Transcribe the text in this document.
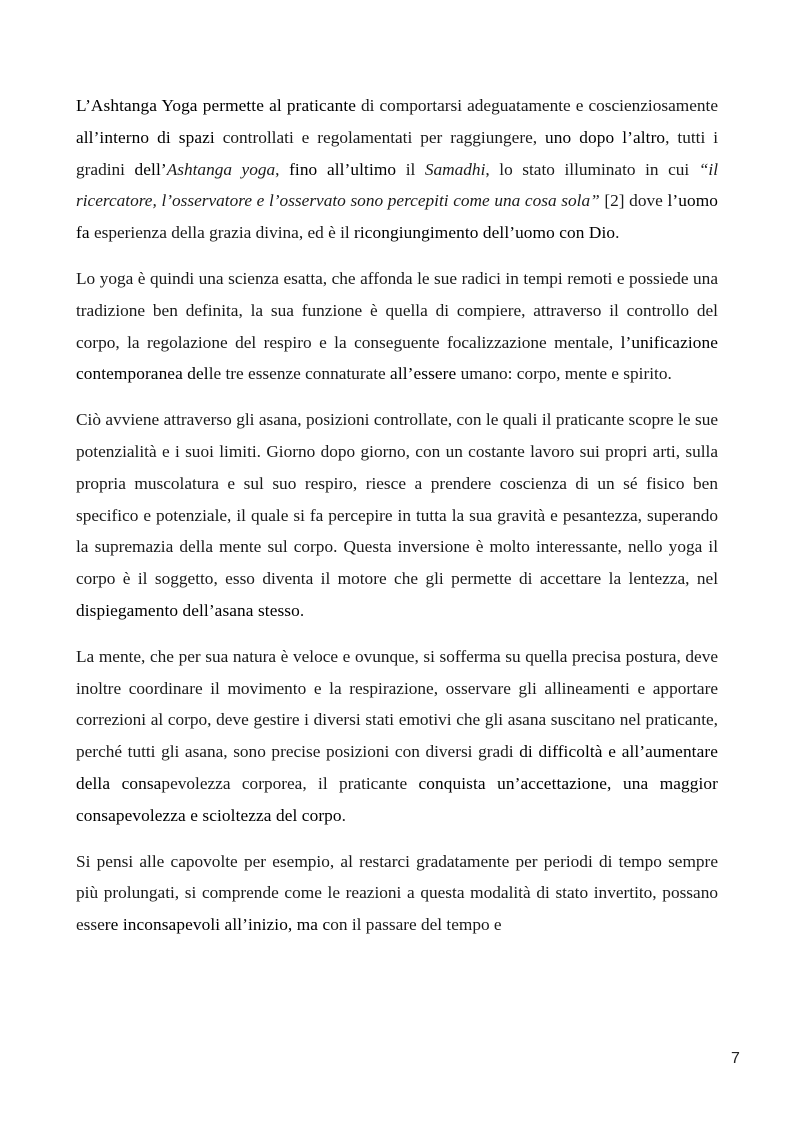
L’Ashtanga Yoga permette al praticante di comportarsi adeguatamente e coscienziosamente all’interno di spazi controllati e regolamentati per raggiungere, uno dopo l’altro, tutti i gradini dell’Ashtanga yoga, fino all’ultimo il Samadhi, lo stato illuminato in cui “il ricercatore, l’osservatore e l’osservato sono percepiti come una cosa sola” [2] dove l’uomo fa esperienza della grazia divina, ed è il ricongiungimento dell’uomo con Dio.

Lo yoga è quindi una scienza esatta, che affonda le sue radici in tempi remoti e possiede una tradizione ben definita, la sua funzione è quella di compiere, attraverso il controllo del corpo, la regolazione del respiro e la conseguente focalizzazione mentale, l’unificazione contemporanea delle tre essenze connaturate all’essere umano: corpo, mente e spirito.

Ciò avviene attraverso gli asana, posizioni controllate, con le quali il praticante scopre le sue potenzialità e i suoi limiti. Giorno dopo giorno, con un costante lavoro sui propri arti, sulla propria muscolatura e sul suo respiro, riesce a prendere coscienza di un sé fisico ben specifico e potenziale, il quale si fa percepire in tutta la sua gravità e pesantezza, superando la supremazia della mente sul corpo. Questa inversione è molto interessante, nello yoga il corpo è il soggetto, esso diventa il motore che gli permette di accettare la lentezza, nel dispiegamento dell’asana stesso.

La mente, che per sua natura è veloce e ovunque, si sofferma su quella precisa postura, deve inoltre coordinare il movimento e la respirazione, osservare gli allineamenti e apportare correzioni al corpo, deve gestire i diversi stati emotivi che gli asana suscitano nel praticante, perché tutti gli asana, sono precise posizioni con diversi gradi di difficoltà e all’aumentare della consapevolezza corporea, il praticante conquista un’accettazione, una maggior consapevolezza e scioltezza del corpo.

Si pensi alle capovolte per esempio, al restarci gradatamente per periodi di tempo sempre più prolungati, si comprende come le reazioni a questa modalità di stato invertito, possano essere inconsapevoli all’inizio, ma con il passare del tempo e

7
